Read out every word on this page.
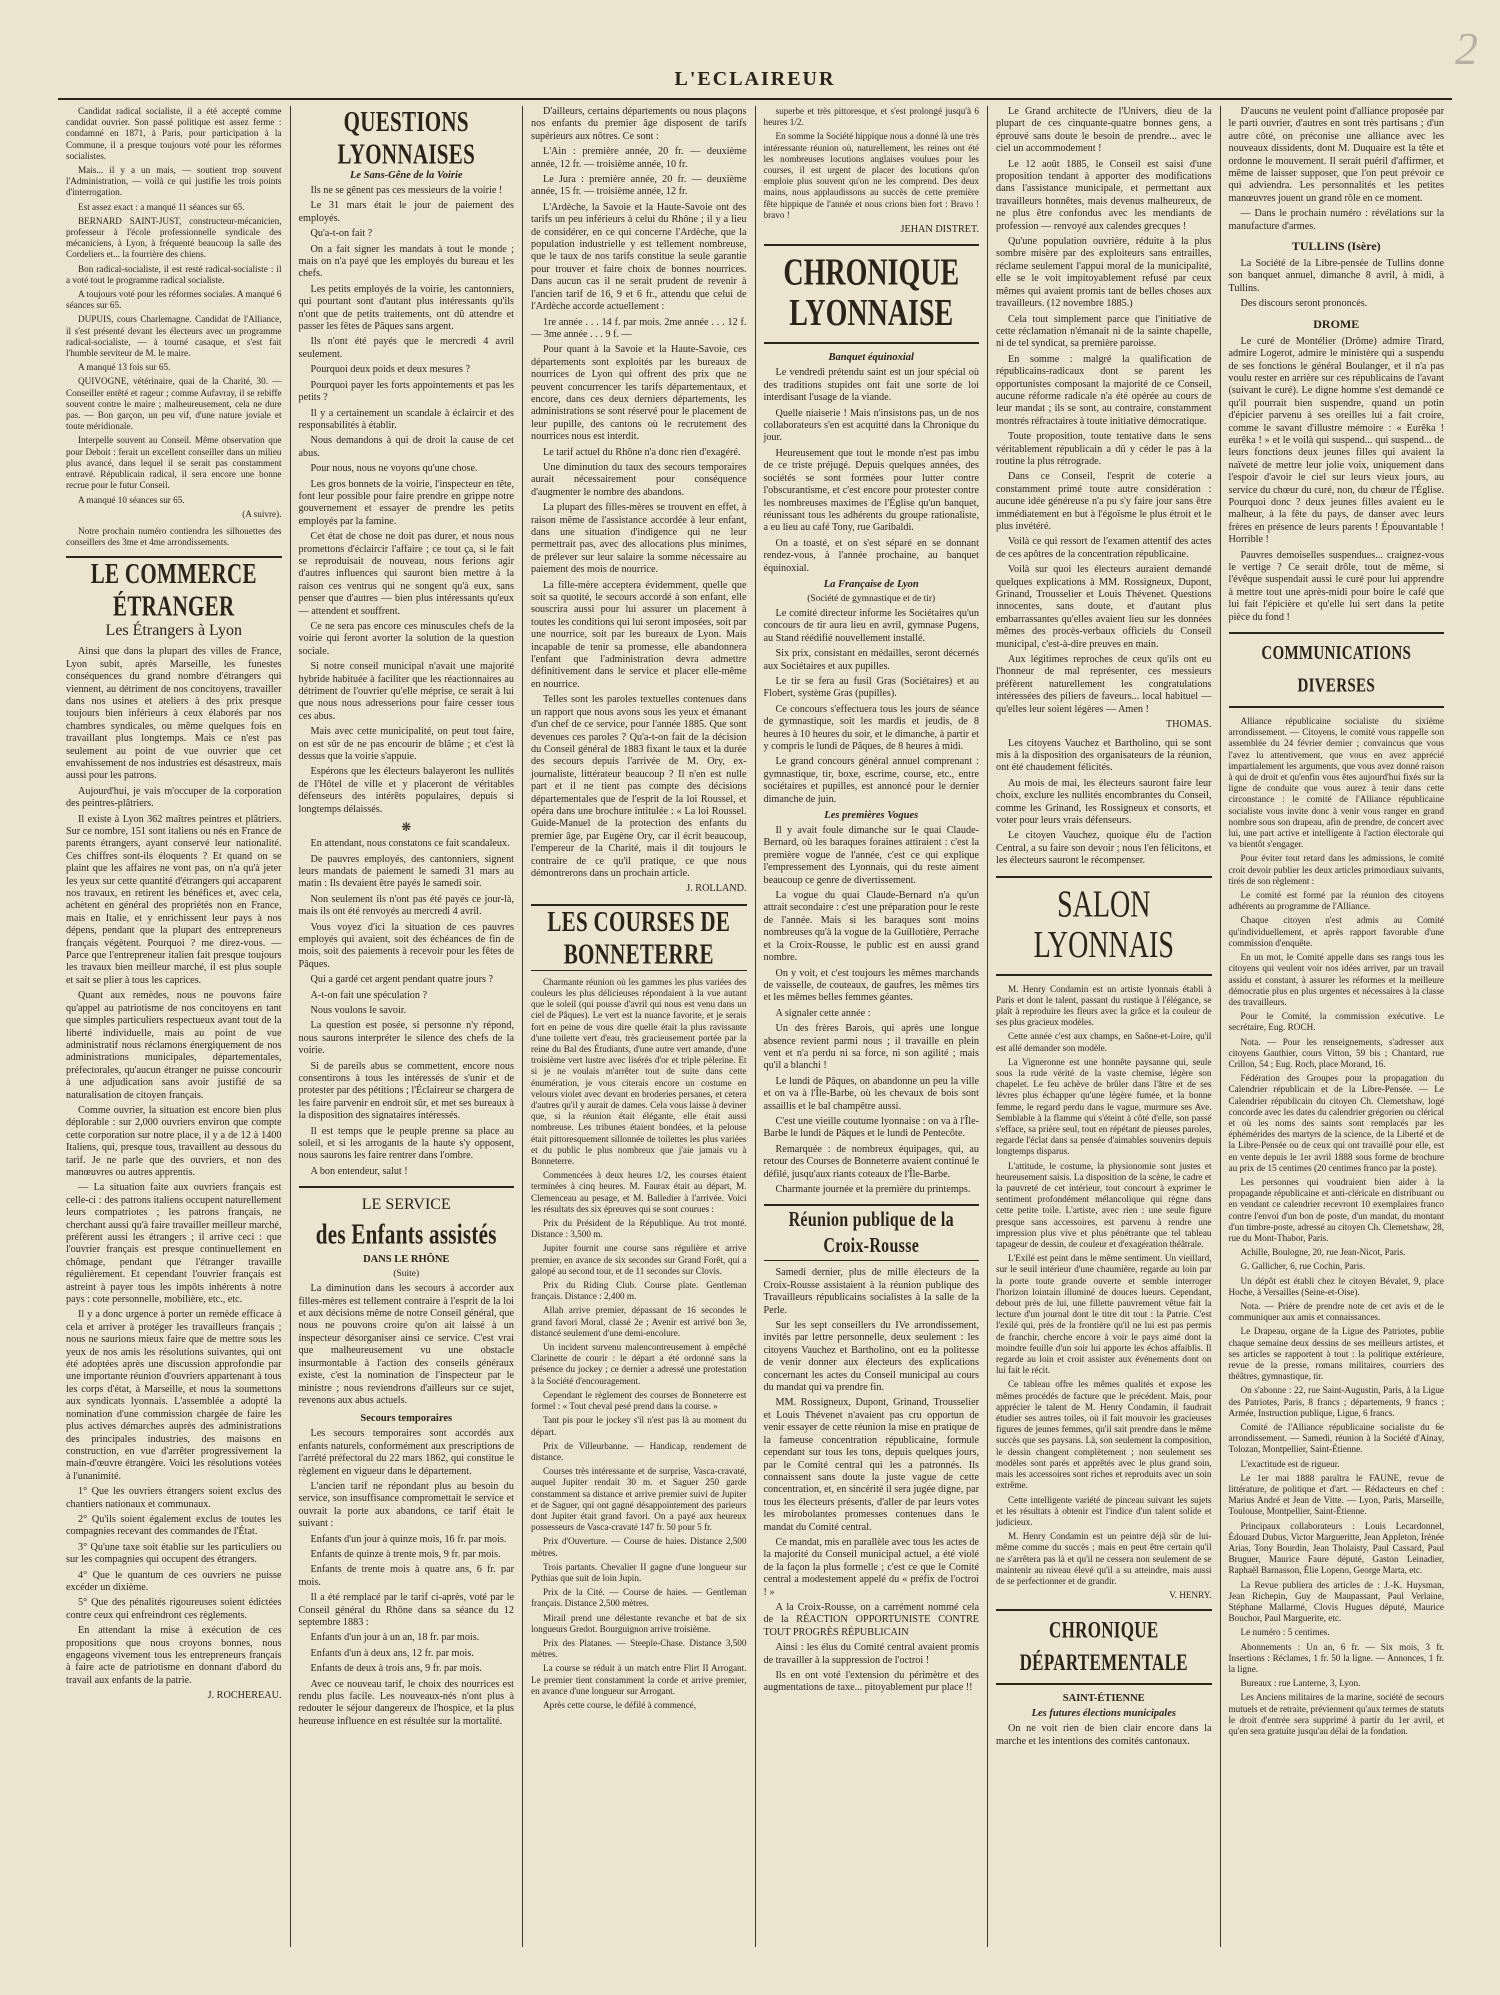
2
L'ECLAIREUR

Candidat radical socialiste, il a été accepté comme candidat ouvrier. Son passé politique est assez ferme : condamné en 1871, à Paris, pour participation à la Commune, il a presque toujours voté pour les réformes socialistes.

Mais... il y a un mais, — soutient trop souvent l'Administration, — voilà ce qui justifie les trois points d'interrogation.

Est assez exact : a manqué 11 séances sur 65.

BERNARD SAINT-JUST, constructeur-mécanicien, professeur à l'école professionnelle syndicale des mécaniciens, à Lyon, à fréquenté beaucoup la salle des Cordeliers et... la fourrière des chiens.

Bon radical-socialiste, il est resté radical-socialiste : il a voté tout le programme radical socialiste.

A toujours voté pour les réformes sociales. A manqué 6 séances sur 65.

DUPUIS, cours Charlemagne. Candidat de l'Alliance, il s'est présenté devant les électeurs avec un programme radical-socialiste, — à tourné casaque, et s'est fait l'humble serviteur de M. le maire.

A manqué 13 fois sur 65.

QUIVOGNE, vétérinaire, quai de la Charité, 30. — Conseiller entêté et rageur ; comme Aufavray, il se rebiffe souvent contre le maire ; malheureusement, cela ne dure pas. — Bon garçon, un peu vif, d'une nature joviale et toute méridionale.

Interpelle souvent au Conseil. Même observation que pour Deboit : ferait un excellent conseiller dans un milieu plus avancé, dans lequel il se serait pas constamment entravé. Républicain radical, il sera encore une bonne recrue pour le futur Conseil.

A manqué 10 séances sur 65.

(A suivre).

Notre prochain numéro contiendra les silhouettes des conseillers des 3me et 4me arrondissements.

LE COMMERCE ÉTRANGER
Les Étrangers à Lyon

Ainsi que dans la plupart des villes de France, Lyon subit, après Marseille, les funestes conséquences du grand nombre d'étrangers qui viennent, au détriment de nos concitoyens, travailler dans nos usines et ateliers à des prix presque toujours bien inférieurs à ceux élaborés par nos chambres syndicales, ou même quelques fois en travaillant plus longtemps. Mais ce n'est pas seulement au point de vue ouvrier que cet envahissement de nos industries est désastreux, mais aussi pour les patrons.

Aujourd'hui, je vais m'occuper de la corporation des peintres-plâtriers.

Il existe à Lyon 362 maîtres peintres et plâtriers. Sur ce nombre, 151 sont italiens ou nés en France de parents étrangers, ayant conservé leur nationalité. Ces chiffres sont-ils éloquents ? Et quand on se plaint que les affaires ne vont pas, on n'a qu'à jeter les yeux sur cette quantité d'étrangers qui accaparent nos travaux, en retirent les bénéfices et, avec cela, achètent en général des propriétés non en France, mais en Italie, et y enrichissent leur pays à nos dépens, pendant que la plupart des entrepreneurs français végètent. Pourquoi ? me direz-vous. — Parce que l'entrepreneur italien fait presque toujours les travaux bien meilleur marché, il est plus souple et sait se plier à tous les caprices.

Quant aux remèdes, nous ne pouvons faire qu'appel au patriotisme de nos concitoyens en tant que simples particuliers respectueux avant tout de la liberté individuelle, mais au point de vue administratif nous réclamons énergiquement de nos administrations municipales, départementales, préfectorales, qu'aucun étranger ne puisse concourir à une adjudication sans avoir justifié de sa naturalisation de citoyen français.

Comme ouvrier, la situation est encore bien plus déplorable : sur 2,000 ouvriers environ que compte cette corporation sur notre place, il y a de 12 à 1400 Italiens, qui, presque tous, travaillent au dessous du tarif. Je ne parle que des ouvriers, et non des manœuvres ou autres apprentis.

— La situation faite aux ouvriers français est celle-ci : des patrons italiens occupent naturellement leurs compatriotes ; les patrons français, ne cherchant aussi qu'à faire travailler meilleur marché, préfèrent aussi les étrangers ; il arrive ceci : que l'ouvrier français est presque continuellement en chômage, pendant que l'étranger travaille régulièrement. Et cependant l'ouvrier français est astreint à payer tous les impôts inhérents à notre pays : cote personnelle, mobilière, etc., etc.

Il y a donc urgence à porter un remède efficace à cela et arriver à protéger les travailleurs français ; nous ne saurions mieux faire que de mettre sous les yeux de nos amis les résolutions suivantes, qui ont été adoptées après une discussion approfondie par une importante réunion d'ouvriers appartenant à tous les corps d'état, à Marseille, et nous la soumettons aux syndicats lyonnais. L'assemblée a adopté la nomination d'une commission chargée de faire les plus actives démarches auprès des administrations des principales industries, des maisons en construction, en vue d'arrêter progressivement la main-d'œuvre étrangère. Voici les résolutions votées à l'unanimité.

1° Que les ouvriers étrangers soient exclus des chantiers nationaux et communaux.

2° Qu'ils soient également exclus de toutes les compagnies recevant des commandes de l'État.

3° Qu'une taxe soit établie sur les particuliers ou sur les compagnies qui occupent des étrangers.

4° Que le quantum de ces ouvriers ne puisse excéder un dixième.

5° Que des pénalités rigoureuses soient édictées contre ceux qui enfreindront ces règlements.

En attendant la mise à exécution de ces propositions que nous croyons bonnes, nous engageons vivement tous les entrepreneurs français à faire acte de patriotisme en donnant d'abord du travail aux enfants de la patrie.

J. ROCHEREAU.

QUESTIONS LYONNAISES
Le Sans-Gêne de la Voirie

Ils ne se gênent pas ces messieurs de la voirie !

Le 31 mars était le jour de paiement des employés.

Qu'a-t-on fait ?

On a fait signer les mandats à tout le monde ; mais on n'a payé que les employés du bureau et les chefs.

Les petits employés de la voirie, les cantonniers, qui pourtant sont d'autant plus intéressants qu'ils n'ont que de petits traitements, ont dû attendre et passer les fêtes de Pâques sans argent.

Ils n'ont été payés que le mercredi 4 avril seulement.

Pourquoi deux poids et deux mesures ?

Pourquoi payer les forts appointements et pas les petits ?

Il y a certainement un scandale à éclaircir et des responsabilités à établir.

Nous demandons à qui de droit la cause de cet abus.

Pour nous, nous ne voyons qu'une chose.

Les gros bonnets de la voirie, l'inspecteur en tête, font leur possible pour faire prendre en grippe notre gouvernement et essayer de prendre les petits employés par la famine.

Cet état de chose ne doit pas durer, et nous nous promettons d'éclaircir l'affaire ; ce tout ça, si le fait se reproduisait de nouveau, nous ferions agir d'autres influences qui sauront bien mettre à la raison ces ventrus qui ne songent qu'à eux, sans penser que d'autres — bien plus intéressants qu'eux — attendent et souffrent.

Ce ne sera pas encore ces minuscules chefs de la voirie qui feront avorter la solution de la question sociale.

Si notre conseil municipal n'avait une majorité hybride habituée à faciliter que les réactionnaires au détriment de l'ouvrier qu'elle méprise, ce serait à lui que nous nous adresserions pour faire cesser tous ces abus.

Mais avec cette municipalité, on peut tout faire, on est sûr de ne pas encourir de blâme ; et c'est là dessus que la voirie s'appuie.

Espérons que les électeurs balayeront les nullités de l'Hôtel de ville et y placeront de véritables défenseurs des intérêts populaires, depuis si longtemps délaissés.

❋

En attendant, nous constatons ce fait scandaleux.

De pauvres employés, des cantonniers, signent leurs mandats de paiement le samedi 31 mars au matin : Ils devaient être payés le samedi soir.

Non seulement ils n'ont pas été payés ce jour-là, mais ils ont été renvoyés au mercredi 4 avril.

Vous voyez d'ici la situation de ces pauvres employés qui avaient, soit des échéances de fin de mois, soit des paiements à recevoir pour les fêtes de Pâques.

Qui a gardé cet argent pendant quatre jours ?

A-t-on fait une spéculation ?

Nous voulons le savoir.

La question est posée, si personne n'y répond, nous saurons interpréter le silence des chefs de la voirie.

Si de pareils abus se commettent, encore nous consentirons à tous les intéressés de s'unir et de protester par des pétitions ; l'Éclaireur se chargera de les faire parvenir en endroit sûr, et met ses bureaux à la disposition des signataires intéressés.

Il est temps que le peuple prenne sa place au soleil, et si les arrogants de la haute s'y opposent, nous saurons les faire rentrer dans l'ombre.

A bon entendeur, salut !

LE SERVICE
des Enfants assistés
DANS LE RHÔNE
(Suite)

La diminution dans les secours à accorder aux filles-mères est tellement contraire à l'esprit de la loi et aux décisions même de notre Conseil général, que nous ne pouvons croire qu'on ait laissé à un inspecteur désorganiser ainsi ce service. C'est vrai que malheureusement vu une obstacle insurmontable à l'action des conseils généraux existe, c'est la nomination de l'inspecteur par le ministre ; nous reviendrons d'ailleurs sur ce sujet, revenons aux abus actuels.

Secours temporaires

Les secours temporaires sont accordés aux enfants naturels, conformément aux prescriptions de l'arrêté préfectoral du 22 mars 1862, qui constitue le règlement en vigueur dans le département.

L'ancien tarif ne répondant plus au besoin du service, son insuffisance compromettait le service et ouvrait la porte aux abandons, ce tarif était le suivant :

Enfants d'un jour à quinze mois, 16 fr. par mois.

Enfants de quinze à trente mois, 9 fr. par mois.

Enfants de trente mois à quatre ans, 6 fr. par mois.

Il a été remplacé par le tarif ci-après, voté par le Conseil général du Rhône dans sa séance du 12 septembre 1883 :

Enfants d'un jour à un an, 18 fr. par mois.

Enfants d'un à deux ans, 12 fr. par mois.

Enfants de deux à trois ans, 9 fr. par mois.

Avec ce nouveau tarif, le choix des nourrices est rendu plus facile. Les nouveaux-nés n'ont plus à redouter le séjour dangereux de l'hospice, et la plus heureuse influence en est résultée sur la mortalité.

D'ailleurs, certains départements ou nous plaçons nos enfants du premier âge disposent de tarifs supérieurs aux nôtres. Ce sont :

L'Ain : première année, 20 fr. — deuxième année, 12 fr. — troisième année, 10 fr.

Le Jura : première année, 20 fr. — deuxième année, 15 fr. — troisième année, 12 fr.

L'Ardèche, la Savoie et la Haute-Savoie ont des tarifs un peu inférieurs à celui du Rhône ; il y a lieu de considérer, en ce qui concerne l'Ardèche, que la population industrielle y est tellement nombreuse, que le taux de nos tarifs constitue la seule garantie pour trouver et faire choix de bonnes nourrices. Dans aucun cas il ne serait prudent de revenir à l'ancien tarif de 16, 9 et 6 fr., attendu que celui de l'Ardèche accorde actuellement :

1re année . . . 14 f. par mois. 2me année . . . 12 f. — 3me année . . . 9 f. —

Pour quant à la Savoie et la Haute-Savoie, ces départements sont exploités par les bureaux de nourrices de Lyon qui offrent des prix que ne peuvent concurrencer les tarifs départementaux, et encore, dans ces deux derniers départements, les administrations se sont réservé pour le placement de leur pupille, des cantons où le recrutement des nourrices nous est interdit.

Le tarif actuel du Rhône n'a donc rien d'exagéré.

Une diminution du taux des secours temporaires aurait nécessairement pour conséquence d'augmenter le nombre des abandons.

La plupart des filles-mères se trouvent en effet, à raison même de l'assistance accordée à leur enfant, dans une situation d'indigence qui ne leur permettrait pas, avec des allocations plus minimes, de prélever sur leur salaire la somme nécessaire au paiement des mois de nourrice.

La fille-mère acceptera évidemment, quelle que soit sa quotité, le secours accordé à son enfant, elle souscrira aussi pour lui assurer un placement à toutes les conditions qui lui seront imposées, soit par une nourrice, soit par les bureaux de Lyon. Mais incapable de tenir sa promesse, elle abandonnera l'enfant que l'administration devra admettre définitivement dans le service et placer elle-même en nourrice.

Telles sont les paroles textuelles contenues dans un rapport que nous avons sous les yeux et émanant d'un chef de ce service, pour l'année 1885. Que sont devenues ces paroles ? Qu'a-t-on fait de la décision du Conseil général de 1883 fixant le taux et la durée des secours depuis l'arrivée de M. Ory, ex-journaliste, littérateur beaucoup ? Il n'en est nulle part et il ne tient pas compte des décisions départementales que de l'esprit de la loi Roussel, et opéra dans une brochure intitulée : « La loi Roussel. Guide-Manuel de la protection des enfants du premier âge, par Eugène Ory, car il écrit beaucoup, l'empereur de la Charité, mais il dit toujours le contraire de ce qu'il pratique, ce que nous démontrerons dans un prochain article.

J. ROLLAND.

LES COURSES DE BONNETERRE

Charmante réunion où les gammes les plus variées des couleurs les plus délicieuses répondaient à la vue autant que le soleil (qui pousse d'avril qui nous est venu dans un ciel de Pâques). Le vert est la nuance favorite, et je serais fort en peine de vous dire quelle était la plus ravissante d'une toilette vert d'eau, très gracieusement portée par la reine du Bal des Étudiants, d'une autre vert amande, d'une troisième vert lustre avec lisérés d'or et triple pèlerine. Et si je ne voulais m'arrêter tout de suite dans cette énumération, je vous citerais encore un costume en velours violet avec devant en broderies persanes, et cetera d'autres qu'il y aurait de dames. Cela vous laisse à deviner que, si la réunion était élégante, elle était aussi nombreuse. Les tribunes étaient bondées, et la pelouse était pittoresquement sillonnée de toilettes les plus variées et du public le plus nombreux que j'aie jamais vu à Bonneterre.

Commencées à deux heures 1/2, les courses étaient terminées à cinq heures. M. Faurax était au départ, M. Clemenceau au pesage, et M. Balledier à l'arrivée. Voici les résultats des six épreuves qui se sont courues :

Prix du Président de la République. Au trot monté. Distance : 3,500 m.

Jupiter fournit une course sans régulière et arrive premier, en avance de six secondes sur Grand Forêt, qui a galopé au second tour, et de 11 secondes sur Clovis.

Prix du Riding Club. Course plate. Gentleman français. Distance : 2,400 m.

Allah arrive premier, dépassant de 16 secondes le grand favori Moral, classé 2e ; Avenir est arrivé bon 3e, distancé seulement d'une demi-encolure.

Un incident survenu malencontreusement à empêché Clarinette de courir : le départ a été ordonné sans la présence du jockey ; ce dernier a adressé une protestation à la Société d'encouragement.

Cependant le règlement des courses de Bonneterre est formel : « Tout cheval pesé prend dans la course. »

Tant pis pour le jockey s'il n'est pas là au moment du départ.

Prix de Villeurbanne. — Handicap, rendement de distance.

Courses très intéressante et de surprise, Vasca-cravaté, auquel Jupiter rendait 30 m. et Saguer 250 garde constamment sa distance et arrive premier suivi de Jupiter et de Saguer, qui ont gagné désappointement des parieurs dont Jupiter était grand favori. On a payé aux heureux possesseurs de Vasca-cravaté 147 fr. 50 pour 5 fr.

Prix d'Ouverture. — Course de haies. Distance 2,500 mètres.

Trois partants. Chevalier II gagne d'une longueur sur Pythias que suit de loin Jupin.

Prix de la Cité. — Course de haies. — Gentleman français. Distance 2,500 mètres.

Mirail prend une délestante revanche et bat de six longueurs Gredot. Bourguignon arrive troisième.

Prix des Platanes. — Steeple-Chase. Distance 3,500 mètres.

La course se réduit à un match entre Flirt II Arrogant. Le premier tient constamment la corde et arrive premier, en avance d'une longueur sur Arrogant.

Après cette course, le défilé à commencé,

superbe et très pittoresque, et s'est prolongé jusqu'à 6 heures 1/2.

En somme la Société hippique nous a donné là une très intéressante réunion où, naturellement, les reines ont été les nombreuses locutions anglaises voulues pour les courses, il est urgent de placer des locutions qu'on emploie plus souvent qu'on ne les comprend. Des deux mains, nous applaudissons au succès de cette première fête hippique de l'année et nous crions bien fort : Bravo ! bravo !

JEHAN DISTRET.

CHRONIQUE LYONNAISE
Banquet équinoxial

Le vendredi prétendu saint est un jour spécial où des traditions stupides ont fait une sorte de loi interdisant l'usage de la viande.

Quelle niaiserie ! Mais n'insistons pas, un de nos collaborateurs s'en est acquitté dans la Chronique du jour.

Heureusement que tout le monde n'est pas imbu de ce triste préjugé. Depuis quelques années, des sociétés se sont formées pour lutter contre l'obscurantisme, et c'est encore pour protester contre les nombreuses maximes de l'Église qu'un banquet, réunissant tous les adhérents du groupe rationaliste, a eu lieu au café Tony, rue Garibaldi.

On a toasté, et on s'est séparé en se donnant rendez-vous, à l'année prochaine, au banquet équinoxial.

La Française de Lyon
(Société de gymnastique et de tir)

Le comité directeur informe les Sociétaires qu'un concours de tir aura lieu en avril, gymnase Pugens, au Stand réédifié nouvellement installé.

Six prix, consistant en médailles, seront décernés aux Sociétaires et aux pupilles.

Le tir se fera au fusil Gras (Sociétaires) et au Flobert, système Gras (pupilles).

Ce concours s'effectuera tous les jours de séance de gymnastique, soit les mardis et jeudis, de 8 heures à 10 heures du soir, et le dimanche, à partir et y compris le lundi de Pâques, de 8 heures à midi.

Le grand concours général annuel comprenant : gymnastique, tir, boxe, escrime, course, etc., entre sociétaires et pupilles, est annoncé pour le dernier dimanche de juin.

Les premières Vogues

Il y avait foule dimanche sur le quai Claude-Bernard, où les baraques foraines attiraient : c'est la première vogue de l'année, c'est ce qui explique l'empressement des Lyonnais, qui du reste aiment beaucoup ce genre de divertissement.

La vogue du quai Claude-Bernard n'a qu'un attrait secondaire : c'est une préparation pour le reste de l'année. Mais si les baraques sont moins nombreuses qu'à la vogue de la Guillotière, Perrache et la Croix-Rousse, le public est en aussi grand nombre.

On y voit, et c'est toujours les mêmes marchands de vaisselle, de couteaux, de gaufres, les mêmes tirs et les mêmes belles femmes géantes.

A signaler cette année :

Un des frères Barois, qui après une longue absence revient parmi nous ; il travaille en plein vent et n'a perdu ni sa force, ni son agilité ; mais qu'il a blanchi !

Le lundi de Pâques, on abandonne un peu la ville et on va à l'Île-Barbe, où les chevaux de bois sont assaillis et le bal champêtre aussi.

C'est une vieille coutume lyonnaise : on va à l'Île-Barbe le lundi de Pâques et le lundi de Pentecôte.

Remarquée : de nombreux équipages, qui, au retour des Courses de Bonneterre avaient continué le défilé, jusqu'aux riants coteaux de l'Île-Barbe.

Charmante journée et la première du printemps.

Réunion publique de la Croix-Rousse

Samedi dernier, plus de mille électeurs de la Croix-Rousse assistaient à la réunion publique des Travailleurs républicains socialistes à la salle de la Perle.

Sur les sept conseillers du IVe arrondissement, invités par lettre personnelle, deux seulement : les citoyens Vauchez et Bartholino, ont eu la politesse de venir donner aux électeurs des explications concernant les actes du Conseil municipal au cours du mandat qui va prendre fin.

MM. Rossigneux, Dupont, Grinand, Trousselier et Louis Thévenet n'avaient pas cru opportun de venir essayer de cette réunion la mise en pratique de la fameuse concentration républicaine, formule cependant sur tous les tons, depuis quelques jours, par le Comité central qui les a patronnés. Ils connaissent sans doute la juste vague de cette concentration, et, en sincérité il sera jugée digne, par tous les électeurs présents, d'aller de par leurs votes les mirobolantes promesses contenues dans le mandat du Comité central.

Ce mandat, mis en parallèle avec tous les actes de la majorité du Conseil municipal actuel, a été violé de la façon la plus formelle ; c'est ce que le Comité central a modestement appelé du « préfix de l'octroi ! »

A la Croix-Rousse, on a carrément nommé cela de la RÉACTION OPPORTUNISTE CONTRE TOUT PROGRÈS RÉPUBLICAIN

Ainsi : les élus du Comité central avaient promis de travailler à la suppression de l'octroi !

Ils en ont voté l'extension du périmètre et des augmentations de taxe... pitoyablement pur place !!

Le Grand architecte de l'Univers, dieu de la plupart de ces cinquante-quatre bonnes gens, a éprouvé sans doute le besoin de prendre... avec le ciel un accommodement !

Le 12 août 1885, le Conseil est saisi d'une proposition tendant à apporter des modifications dans l'assistance municipale, et permettant aux travailleurs honnêtes, mais devenus malheureux, de ne plus être confondus avec les mendiants de profession — renvoyé aux calendes grecques !

Qu'une population ouvrière, réduite à la plus sombre misère par des exploiteurs sans entrailles, réclame seulement l'appui moral de la municipalité, elle se le voit impitoyablement refusé par ceux mêmes qui avaient promis tant de belles choses aux travailleurs. (12 novembre 1885.)

Cela tout simplement parce que l'initiative de cette réclamation n'émanait ni de la sainte chapelle, ni de tel syndicat, sa première paroisse.

En somme : malgré la qualification de républicains-radicaux dont se parent les opportunistes composant la majorité de ce Conseil, aucune réforme radicale n'a été opérée au cours de leur mandat ; ils se sont, au contraire, constamment montrés réfractaires à toute initiative démocratique.

Toute proposition, toute tentative dans le sens véritablement républicain a dû y céder le pas à la routine la plus rétrograde.

Dans ce Conseil, l'esprit de coterie a constamment primé toute autre considération : aucune idée généreuse n'a pu s'y faire jour sans être immédiatement en but à l'égoïsme le plus étroit et le plus invétéré.

Voilà ce qui ressort de l'examen attentif des actes de ces apôtres de la concentration républicaine.

Voilà sur quoi les électeurs auraient demandé quelques explications à MM. Rossigneux, Dupont, Grinand, Trousselier et Louis Thévenet. Questions innocentes, sans doute, et d'autant plus embarrassantes qu'elles avaient lieu sur les données mêmes des procès-verbaux officiels du Conseil municipal, c'est-à-dire preuves en main.

Aux légitimes reproches de ceux qu'ils ont eu l'honneur de mal représenter, ces messieurs préfèrent naturellement les congratulations intéressées des piliers de faveurs... local habituel — qu'elles leur soient légères — Amen !

THOMAS.

Les citoyens Vauchez et Bartholino, qui se sont mis à la disposition des organisateurs de la réunion, ont été chaudement félicités.

Au mois de mai, les électeurs sauront faire leur choix, exclure les nullités encombrantes du Conseil, comme les Grinand, les Rossigneux et consorts, et voter pour leurs vrais défenseurs.

Le citoyen Vauchez, quoique élu de l'action Central, a su faire son devoir ; nous l'en félicitons, et les électeurs sauront le récompenser.

SALON LYONNAIS

M. Henry Condamin est un artiste lyonnais établi à Paris et dont le talent, passant du rustique à l'élégance, se plaît à reproduire les fleurs avec la grâce et la couleur de ses plus gracieux modèles.

Cette année c'est aux champs, en Saône-et-Loire, qu'il est allé demander son modèle.

La Vigneronne est une honnête paysanne qui, seule sous la rude vérité de la vaste chemise, légère son chapelet. Le feu achève de brûler dans l'âtre et de ses lèvres plus échapper qu'une légère fumée, et la bonne femme, le regard perdu dans le vague, murmure ses Ave. Semblable à la flamme qui s'éteint à côté d'elle, son passé s'efface, sa prière seul, tout en répétant de pieuses paroles, regarde l'éclat dans sa pensée d'aimables souvenirs depuis longtemps disparus.

L'attitude, le costume, la physionomie sont justes et heureusement saisis. La disposition de la scène, le cadre et la pauvreté de cet intérieur, tout concourt à exprimer le sentiment profondément mélancolique qui règne dans cette petite toile. L'artiste, avec rien : une seule figure presque sans accessoires, est parvenu à rendre une impression plus vive et plus pénétrante que tel tableau tapageur de dessin, de couleur et d'exagération théâtrale.

L'Exilé est peint dans le même sentiment. Un vieillard, sur le seuil intérieur d'une chaumière, regarde au loin par la porte toute grande ouverte et semble interroger l'horizon lointain illuminé de douces lueurs. Cependant, debout près de lui, une fillette pauvrement vêtue fait la lecture d'un journal dont le titre dit tout : la Patrie. C'est l'exilé qui, près de la frontière qu'il ne lui est pas permis de franchir, cherche encore à voir le pays aimé dont la moindre feuille d'un soir lui apporte les échos affaiblis. Il regarde au loin et croit assister aux événements dont on lui fait le récit.

Ce tableau offre les mêmes qualités et expose les mêmes procédés de facture que le précédent. Mais, pour apprécier le talent de M. Henry Condamin, il faudrait étudier ses autres toiles, où il fait mouvoir les gracieuses figures de jeunes femmes, qu'il sait prendre dans le même succès que ses paysans. Là, son seulement la composition, le dessin changent complètement ; non seulement ses modèles sont parés et apprêtés avec le plus grand soin, mais les accessoires sont riches et reproduits avec un soin extrême.

Cette intelligente variété de pinceau suivant les sujets et les résultats à obtenir est l'indice d'un talent solide et judicieux.

M. Henry Condamin est un peintre déjà sûr de lui-même comme du succès ; mais en peut être certain qu'il ne s'arrêtera pas là et qu'il ne cessera non seulement de se maintenir au niveau élevé qu'il a su atteindre, mais aussi de se perfectionner et de grandir.

V. HENRY.

CHRONIQUE DÉPARTEMENTALE
SAINT-ÉTIENNE
Les futures élections municipales

On ne voit rien de bien clair encore dans la marche et les intentions des comités cantonaux.

D'aucuns ne veulent point d'alliance proposée par le parti ouvrier, d'autres en sont très partisans ; d'un autre côté, on préconise une alliance avec les nouveaux dissidents, dont M. Duquaire est la tête et ordonne le mouvement. Il serait puéril d'affirmer, et même de laisser supposer, que l'on peut prévoir ce qui adviendra. Les personnalités et les petites manœuvres jouent un grand rôle en ce moment.

— Dans le prochain numéro : révélations sur la manufacture d'armes.

TULLINS (Isère)

La Société de la Libre-pensée de Tullins donne son banquet annuel, dimanche 8 avril, à midi, à Tullins.

Des discours seront prononcés.

DROME

Le curé de Montélier (Drôme) admire Tirard, admire Logerot, admire le ministère qui a suspendu de ses fonctions le général Boulanger, et il n'a pas voulu rester en arrière sur ces républicains de l'avant (suivant le curé). Le digne homme s'est demandé ce qu'il pourrait bien suspendre, quand un potin d'épicier parvenu à ses oreilles lui a fait croire, comme le savant d'illustre mémoire : « Eurêka ! eurêka ! » et le voilà qui suspend... qui suspend... de leurs fonctions deux jeunes filles qui avaient la naïveté de mettre leur jolie voix, uniquement dans l'espoir d'avoir le ciel sur leurs vieux jours, au service du chœur du curé, non, du chœur de l'Église. Pourquoi donc ? deux jeunes filles avaient eu le malheur, à la fête du pays, de danser avec leurs frères en présence de leurs parents ! Épouvantable ! Horrible !

Pauvres demoiselles suspendues... craignez-vous le vertige ? Ce serait drôle, tout de même, si l'évêque suspendait aussi le curé pour lui apprendre à mettre tout une après-midi pour boire le café que lui fait l'épicière et qu'elle lui sert dans la petite pièce du fond !

COMMUNICATIONS DIVERSES

Alliance républicaine socialiste du sixième arrondissement. — Citoyens, le comité vous rappelle son assemblée du 24 février dernier ; convaincus que vous l'avez lu attentivement, que vous en avez apprécié impartialement les arguments, que vous avez donné raison à qui de droit et qu'enfin vous êtes aujourd'hui fixés sur la ligne de conduite que vous aurez à tenir dans cette circonstance : le comité de l'Alliance républicaine socialiste vous invite donc à venir vous ranger en grand nombre sous son drapeau, afin de prendre, de concert avec lui, une part active et intelligente à l'action électorale qui va bientôt s'engager.

Pour éviter tout retard dans les admissions, le comité croit devoir publier les deux articles primordiaux suivants, tirés de son règlement :

Le comité est formé par la réunion des citoyens adhérents au programme de l'Alliance.

Chaque citoyen n'est admis au Comité qu'individuellement, et après rapport favorable d'une commission d'enquête.

En un mot, le Comité appelle dans ses rangs tous les citoyens qui veulent voir nos idées arriver, par un travail assidu et constant, à assurer les réformes et la meilleure démocratie plus en plus urgentes et nécessaires à la classe des travailleurs.

Pour le Comité, la commission exécutive. Le secrétaire, Eug. ROCH.

Nota. — Pour les renseignements, s'adresser aux citoyens Gauthier, cours Vitton, 59 bis ; Chantard, rue Crillon, 54 ; Eug. Roch, place Morand, 16.

Fédération des Groupes pour la propagation du Calendrier républicain et de la Libre-Pensée. — Le Calendrier républicain du citoyen Ch. Clemetshaw, logé concorde avec les dates du calendrier grégorien ou clérical et où les noms des saints sont remplacés par les éphémérides des martyrs de la science, de la Liberté et de la Libre-Pensée ou de ceux qui ont travaillé pour elle, est en vente depuis le 1er avril 1888 sous forme de brochure au prix de 15 centimes (20 centimes franco par la poste).

Les personnes qui voudraient bien aider à la propagande républicaine et anti-cléricale en distribuant ou en vendant ce calendrier recevront 10 exemplaires franco contre l'envoi d'un bon de poste, d'un mandat, du montant d'un timbre-poste, adressé au citoyen Ch. Clemetshaw, 28, rue du Mont-Thabor, Paris.

Achille, Boulogne, 20, rue Jean-Nicot, Paris.

G. Gallicher, 6, rue Cochin, Paris.

Un dépôt est établi chez le citoyen Bévalet, 9, place Hoche, à Versailles (Seine-et-Oise).

Nota. — Prière de prendre note de cet avis et de le communiquer aux amis et connaissances.

Le Drapeau, organe de la Ligue des Patriotes, publie chaque semaine deux dessins de ses meilleurs artistes, et ses articles se rapportent à tout : la politique extérieure, revue de la presse, romans militaires, courriers des théâtres, gymnastique, tir.

On s'abonne : 22, rue Saint-Augustin, Paris, à la Ligue des Patriotes, Paris, 8 francs ; départements, 9 francs ; Armée, Instruction publique, Ligue, 6 francs.

Comité de l'Alliance républicaine socialiste du 6e arrondissement. — Samedi, réunion à la Société d'Ainay, Tolozan, Montpellier, Saint-Étienne.

L'exactitude est de rigueur.

Le 1er mai 1888 paraîtra le FAUNE, revue de littérature, de politique et d'art. — Rédacteurs en chef : Marius André et Jean de Vitte. — Lyon, Paris, Marseille, Toulouse, Montpellier, Saint-Étienne.

Principaux collaborateurs : Louis Lecardonnel, Édouard Dubus, Victor Margueritte, Jean Appleton, Irénée Arias, Tony Bourdin, Jean Tholaisty, Paul Cassard, Paul Bruguer, Maurice Faure député, Gaston Leinadier, Raphaël Barnasson, Élie Lopeno, George Marta, etc.

La Revue publiera des articles de : J.-K. Huysman, Jean Richepin, Guy de Maupassant, Paul Verlaine, Stéphane Mallarmé, Clovis Hugues député, Maurice Bouchor, Paul Marguerite, etc.

Le numéro : 5 centimes.

Abonnements : Un an, 6 fr. — Six mois, 3 fr. Insertions : Réclames, 1 fr. 50 la ligne. — Annonces, 1 fr. la ligne.

Bureaux : rue Lanterne, 3, Lyon.

Les Anciens militaires de la marine, société de secours mutuels et de retraite, préviennent qu'aux termes de statuts le droit d'entrée sera supprimé à partir du 1er avril, et qu'en sera gratuite jusqu'au délai de la fondation.
